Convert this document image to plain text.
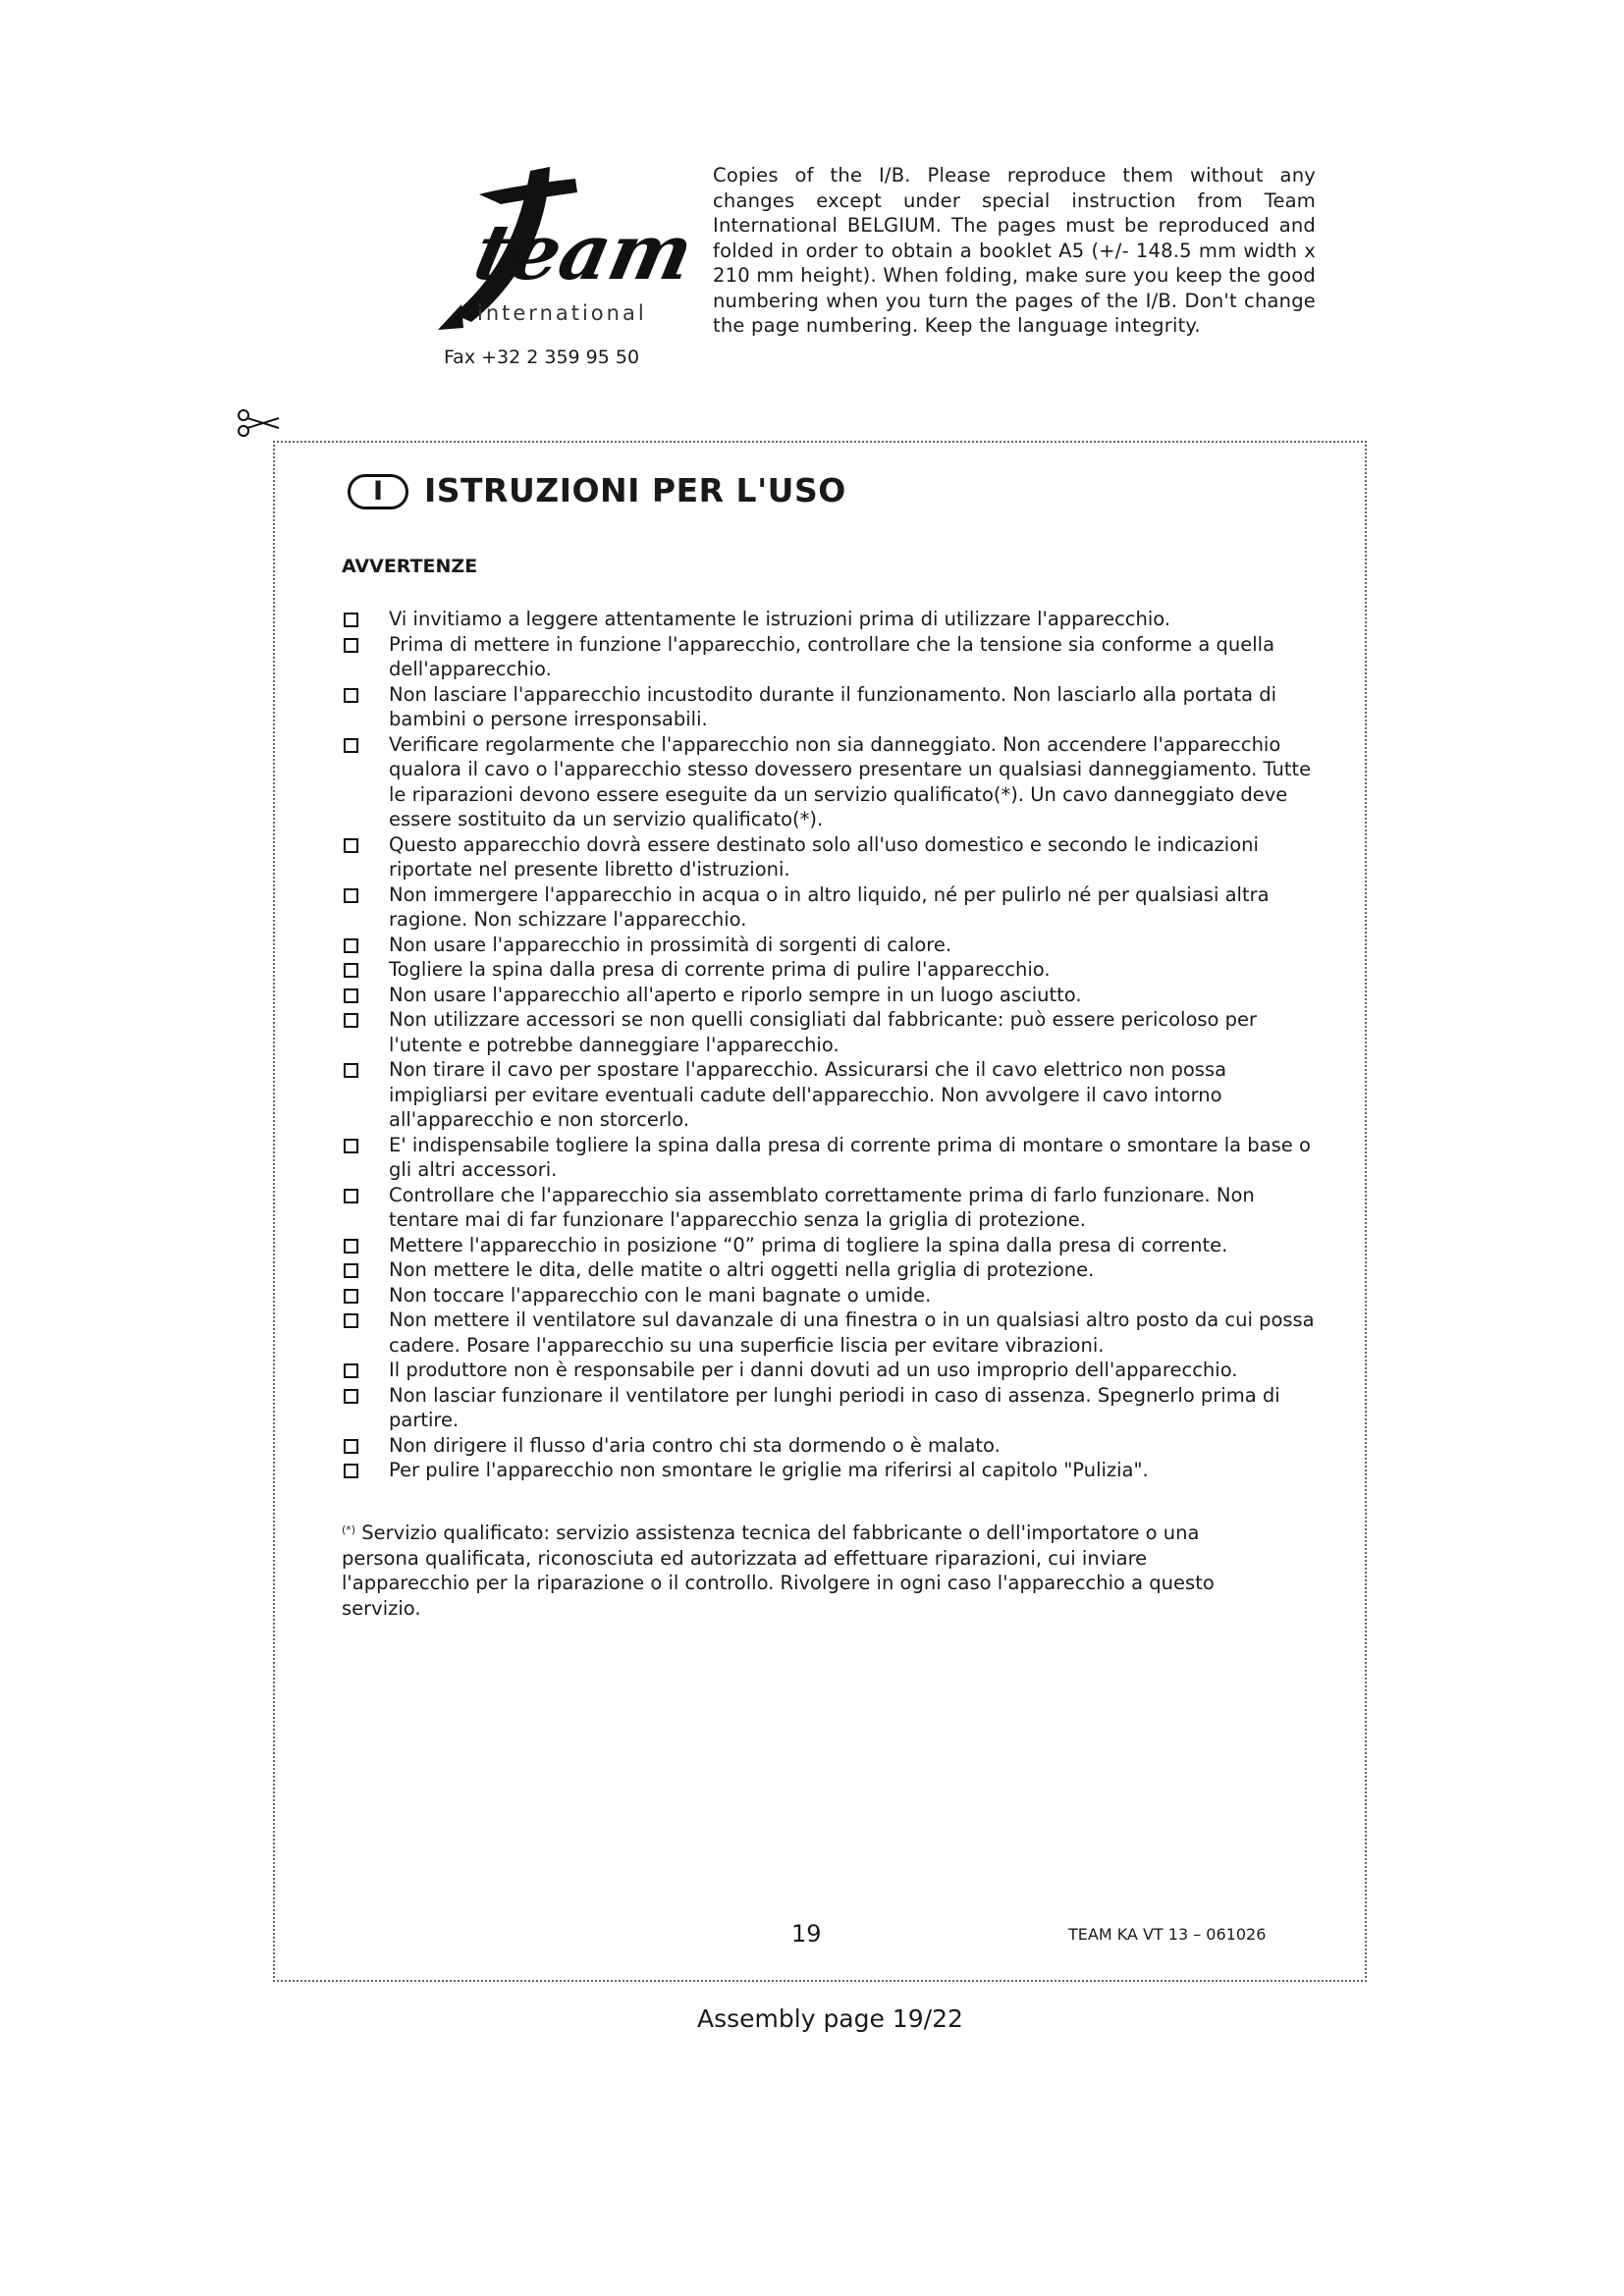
team
international
Fax +32 2 359 95 50
Copies of the I/B. Please reproduce them without any changes except under special instruction from Team International BELGIUM. The pages must be reproduced and folded in order to obtain a booklet A5 (+/- 148.5 mm width x 210 mm height). When folding, make sure you keep the good numbering when you turn the pages of the I/B. Don't change the page numbering. Keep the language integrity.
I	ISTRUZIONI PER L'USO
AVVERTENZE
Vi invitiamo a leggere attentamente le istruzioni prima di utilizzare l'apparecchio.
Prima di mettere in funzione l'apparecchio, controllare che la tensione sia conforme a quella dell'apparecchio.
Non lasciare l'apparecchio incustodito durante il funzionamento. Non lasciarlo alla portata di bambini o persone irresponsabili.
Verificare regolarmente che l'apparecchio non sia danneggiato. Non accendere l'apparecchio qualora il cavo o l'apparecchio stesso dovessero presentare un qualsiasi danneggiamento. Tutte le riparazioni devono essere eseguite da un servizio qualificato(*). Un cavo danneggiato deve essere sostituito da un servizio qualificato(*).
Questo apparecchio dovrà essere destinato solo all'uso domestico e secondo le indicazioni riportate nel presente libretto d'istruzioni.
Non immergere l'apparecchio in acqua o in altro liquido, né per pulirlo né per qualsiasi altra ragione. Non schizzare l'apparecchio.
Non usare l'apparecchio in prossimità di sorgenti di calore.
Togliere la spina dalla presa di corrente prima di pulire l'apparecchio.
Non usare l'apparecchio all'aperto e riporlo sempre in un luogo asciutto.
Non utilizzare accessori se non quelli consigliati dal fabbricante: può essere pericoloso per l'utente e potrebbe danneggiare l'apparecchio.
Non tirare il cavo per spostare l'apparecchio. Assicurarsi che il cavo elettrico non possa impigliarsi per evitare eventuali cadute dell'apparecchio. Non avvolgere il cavo intorno all'apparecchio e non storcerlo.
E' indispensabile togliere la spina dalla presa di corrente prima di montare o smontare la base o gli altri accessori.
Controllare che l'apparecchio sia assemblato correttamente prima di farlo funzionare. Non tentare mai di far funzionare l'apparecchio senza la griglia di protezione.
Mettere l'apparecchio in posizione “0” prima di togliere la spina dalla presa di corrente.
Non mettere le dita, delle matite o altri oggetti nella griglia di protezione.
Non toccare l'apparecchio con le mani bagnate o umide.
Non mettere il ventilatore sul davanzale di una finestra o in un qualsiasi altro posto da cui possa cadere. Posare l'apparecchio su una superficie liscia per evitare vibrazioni.
Il produttore non è responsabile per i danni dovuti ad un uso improprio dell'apparecchio.
Non lasciar funzionare il ventilatore per lunghi periodi in caso di assenza. Spegnerlo prima di partire.
Non dirigere il flusso d'aria contro chi sta dormendo o è malato.
Per pulire l'apparecchio non smontare le griglie ma riferirsi al capitolo "Pulizia".
(*) Servizio qualificato: servizio assistenza tecnica del fabbricante o dell'importatore o una persona qualificata, riconosciuta ed autorizzata ad effettuare riparazioni, cui inviare l'apparecchio per la riparazione o il controllo. Rivolgere in ogni caso l'apparecchio a questo servizio.
19	TEAM KA VT 13 – 061026
Assembly page 19/22
